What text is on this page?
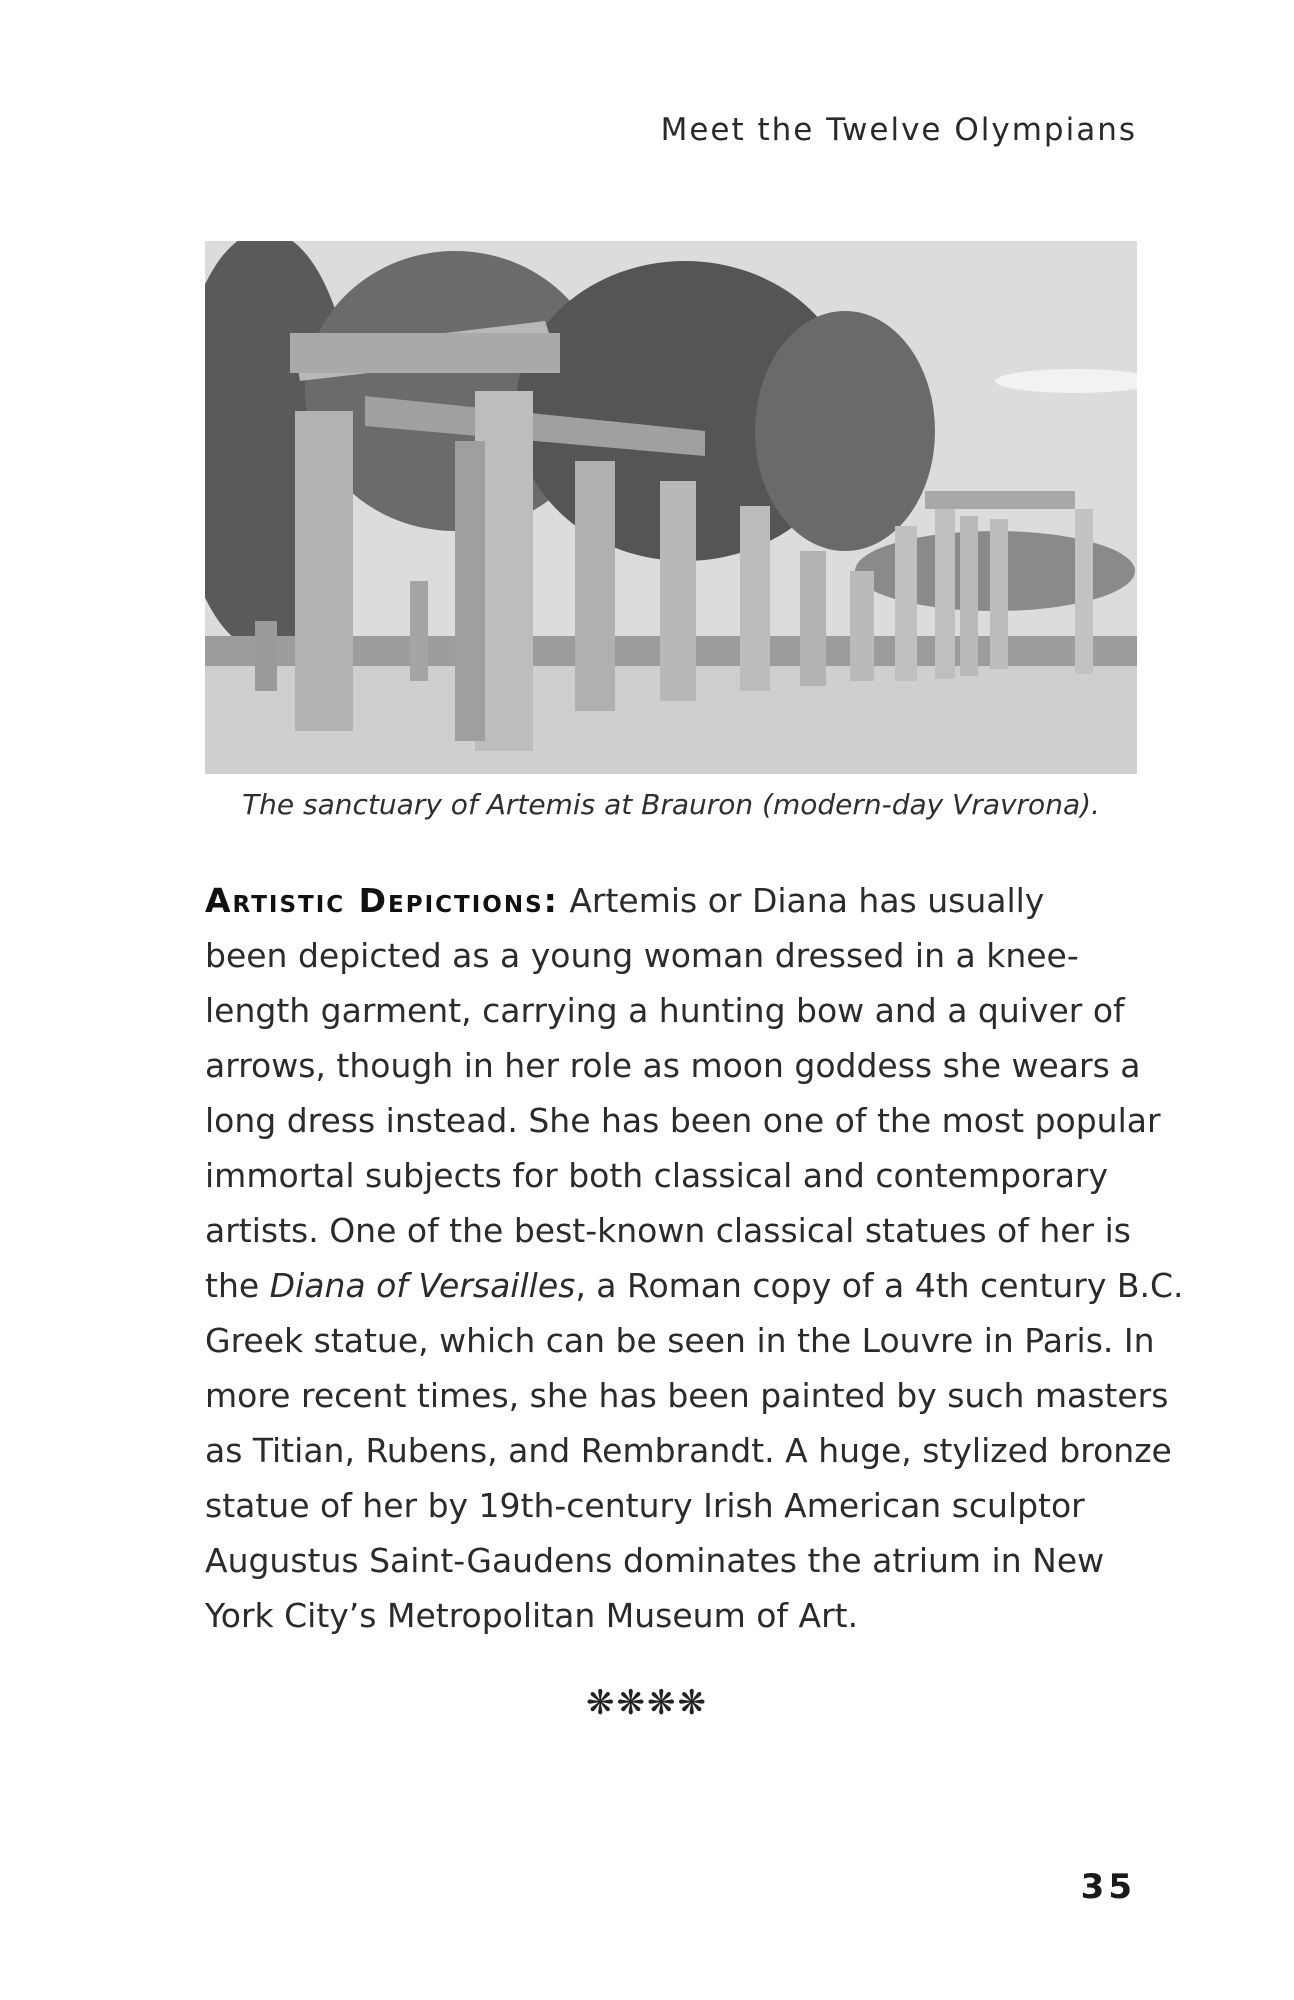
Meet the Twelve Olympians
The sanctuary of Artemis at Brauron (modern-day Vravrona).
Artistic Depictions: Artemis or Diana has usually
been depicted as a young woman dressed in a knee-
length garment, carrying a hunting bow and a quiver of
arrows, though in her role as moon goddess she wears a
long dress instead. She has been one of the most popular
immortal subjects for both classical and contemporary
artists. One of the best-known classical statues of her is
the Diana of Versailles, a Roman copy of a 4th century B.C.
Greek statue, which can be seen in the Louvre in Paris. In
more recent times, she has been painted by such masters
as Titian, Rubens, and Rembrandt. A huge, stylized bronze
statue of her by 19th-century Irish American sculptor
Augustus Saint-Gaudens dominates the atrium in New
York City’s Metropolitan Museum of Art.
❋❋❋❋
35
